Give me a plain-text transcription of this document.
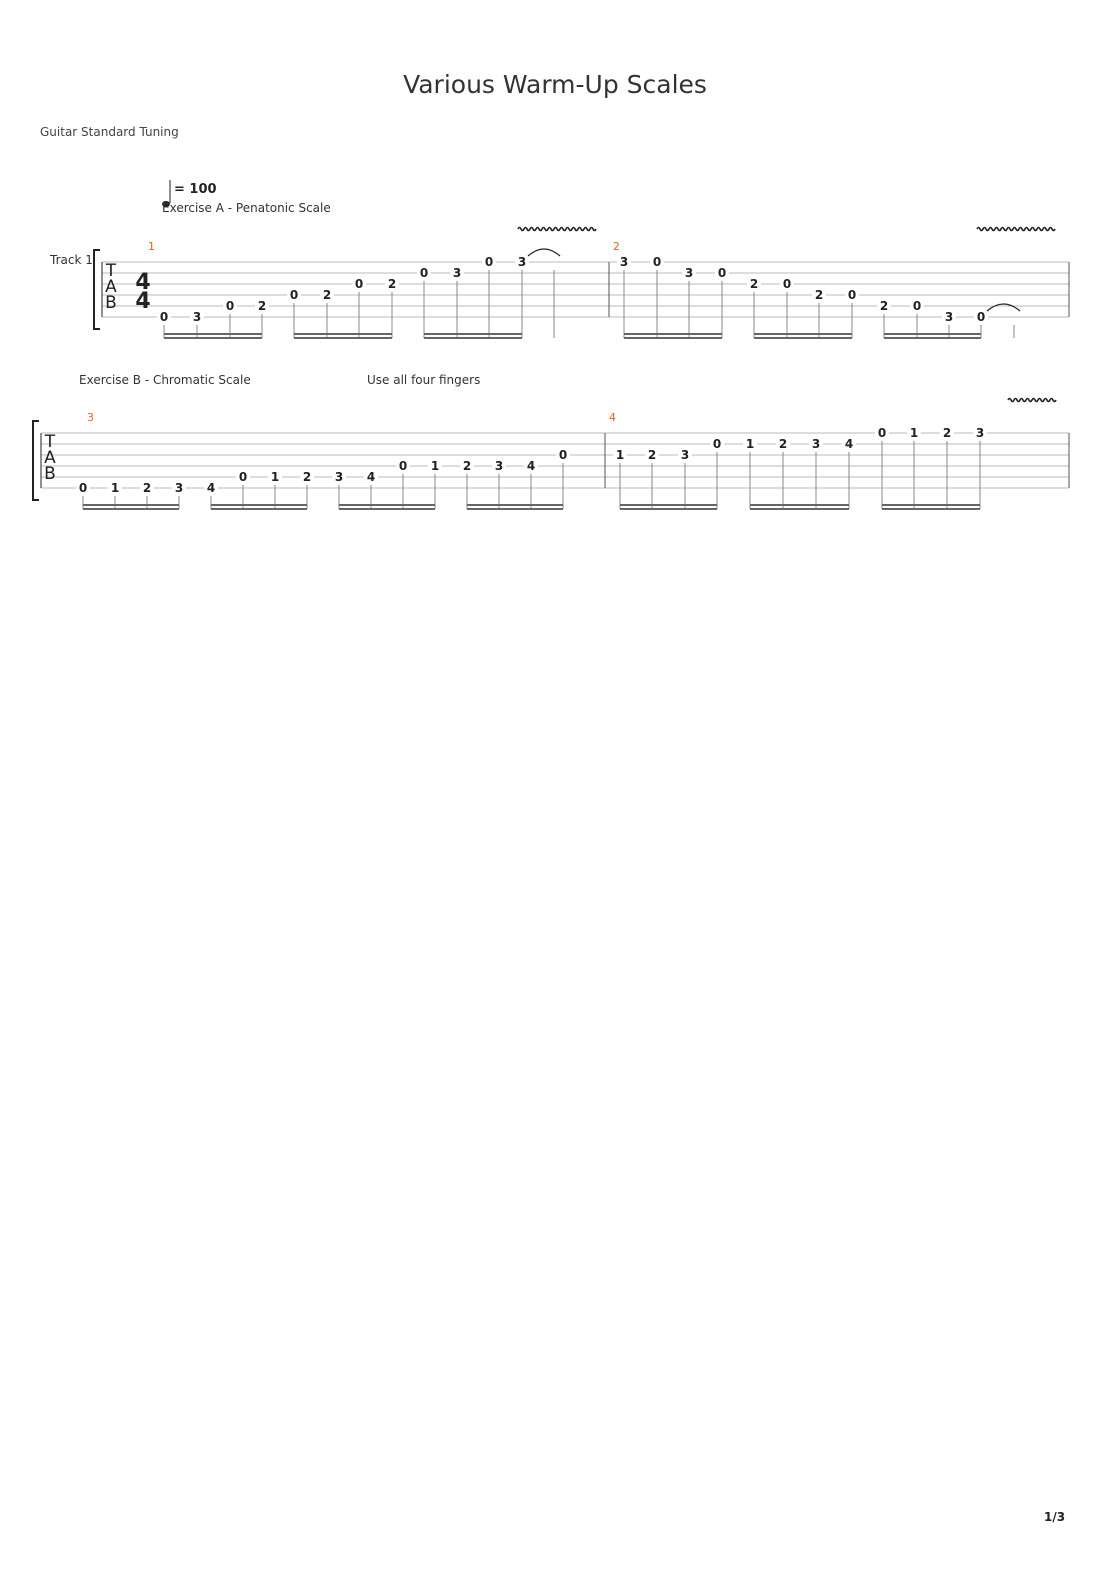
Various Warm-Up Scales
Guitar Standard Tuning
T
A
B
4
4
Track 1
= 100
Exercise A - Penatonic Scale
1
0 3
0 2
0 2
0 2
0 3
0 3
2
3 0
3 0
2 0
2 0
2 0
3 0
T
A
B
Exercise B - Chromatic Scale	Use all four fingers
3
0 1 2 3 4
0 1 2 3 4
0 1 2 3 4
0
4
1 2 3
0 1 2 3 4
0 1 2 3
1/3
